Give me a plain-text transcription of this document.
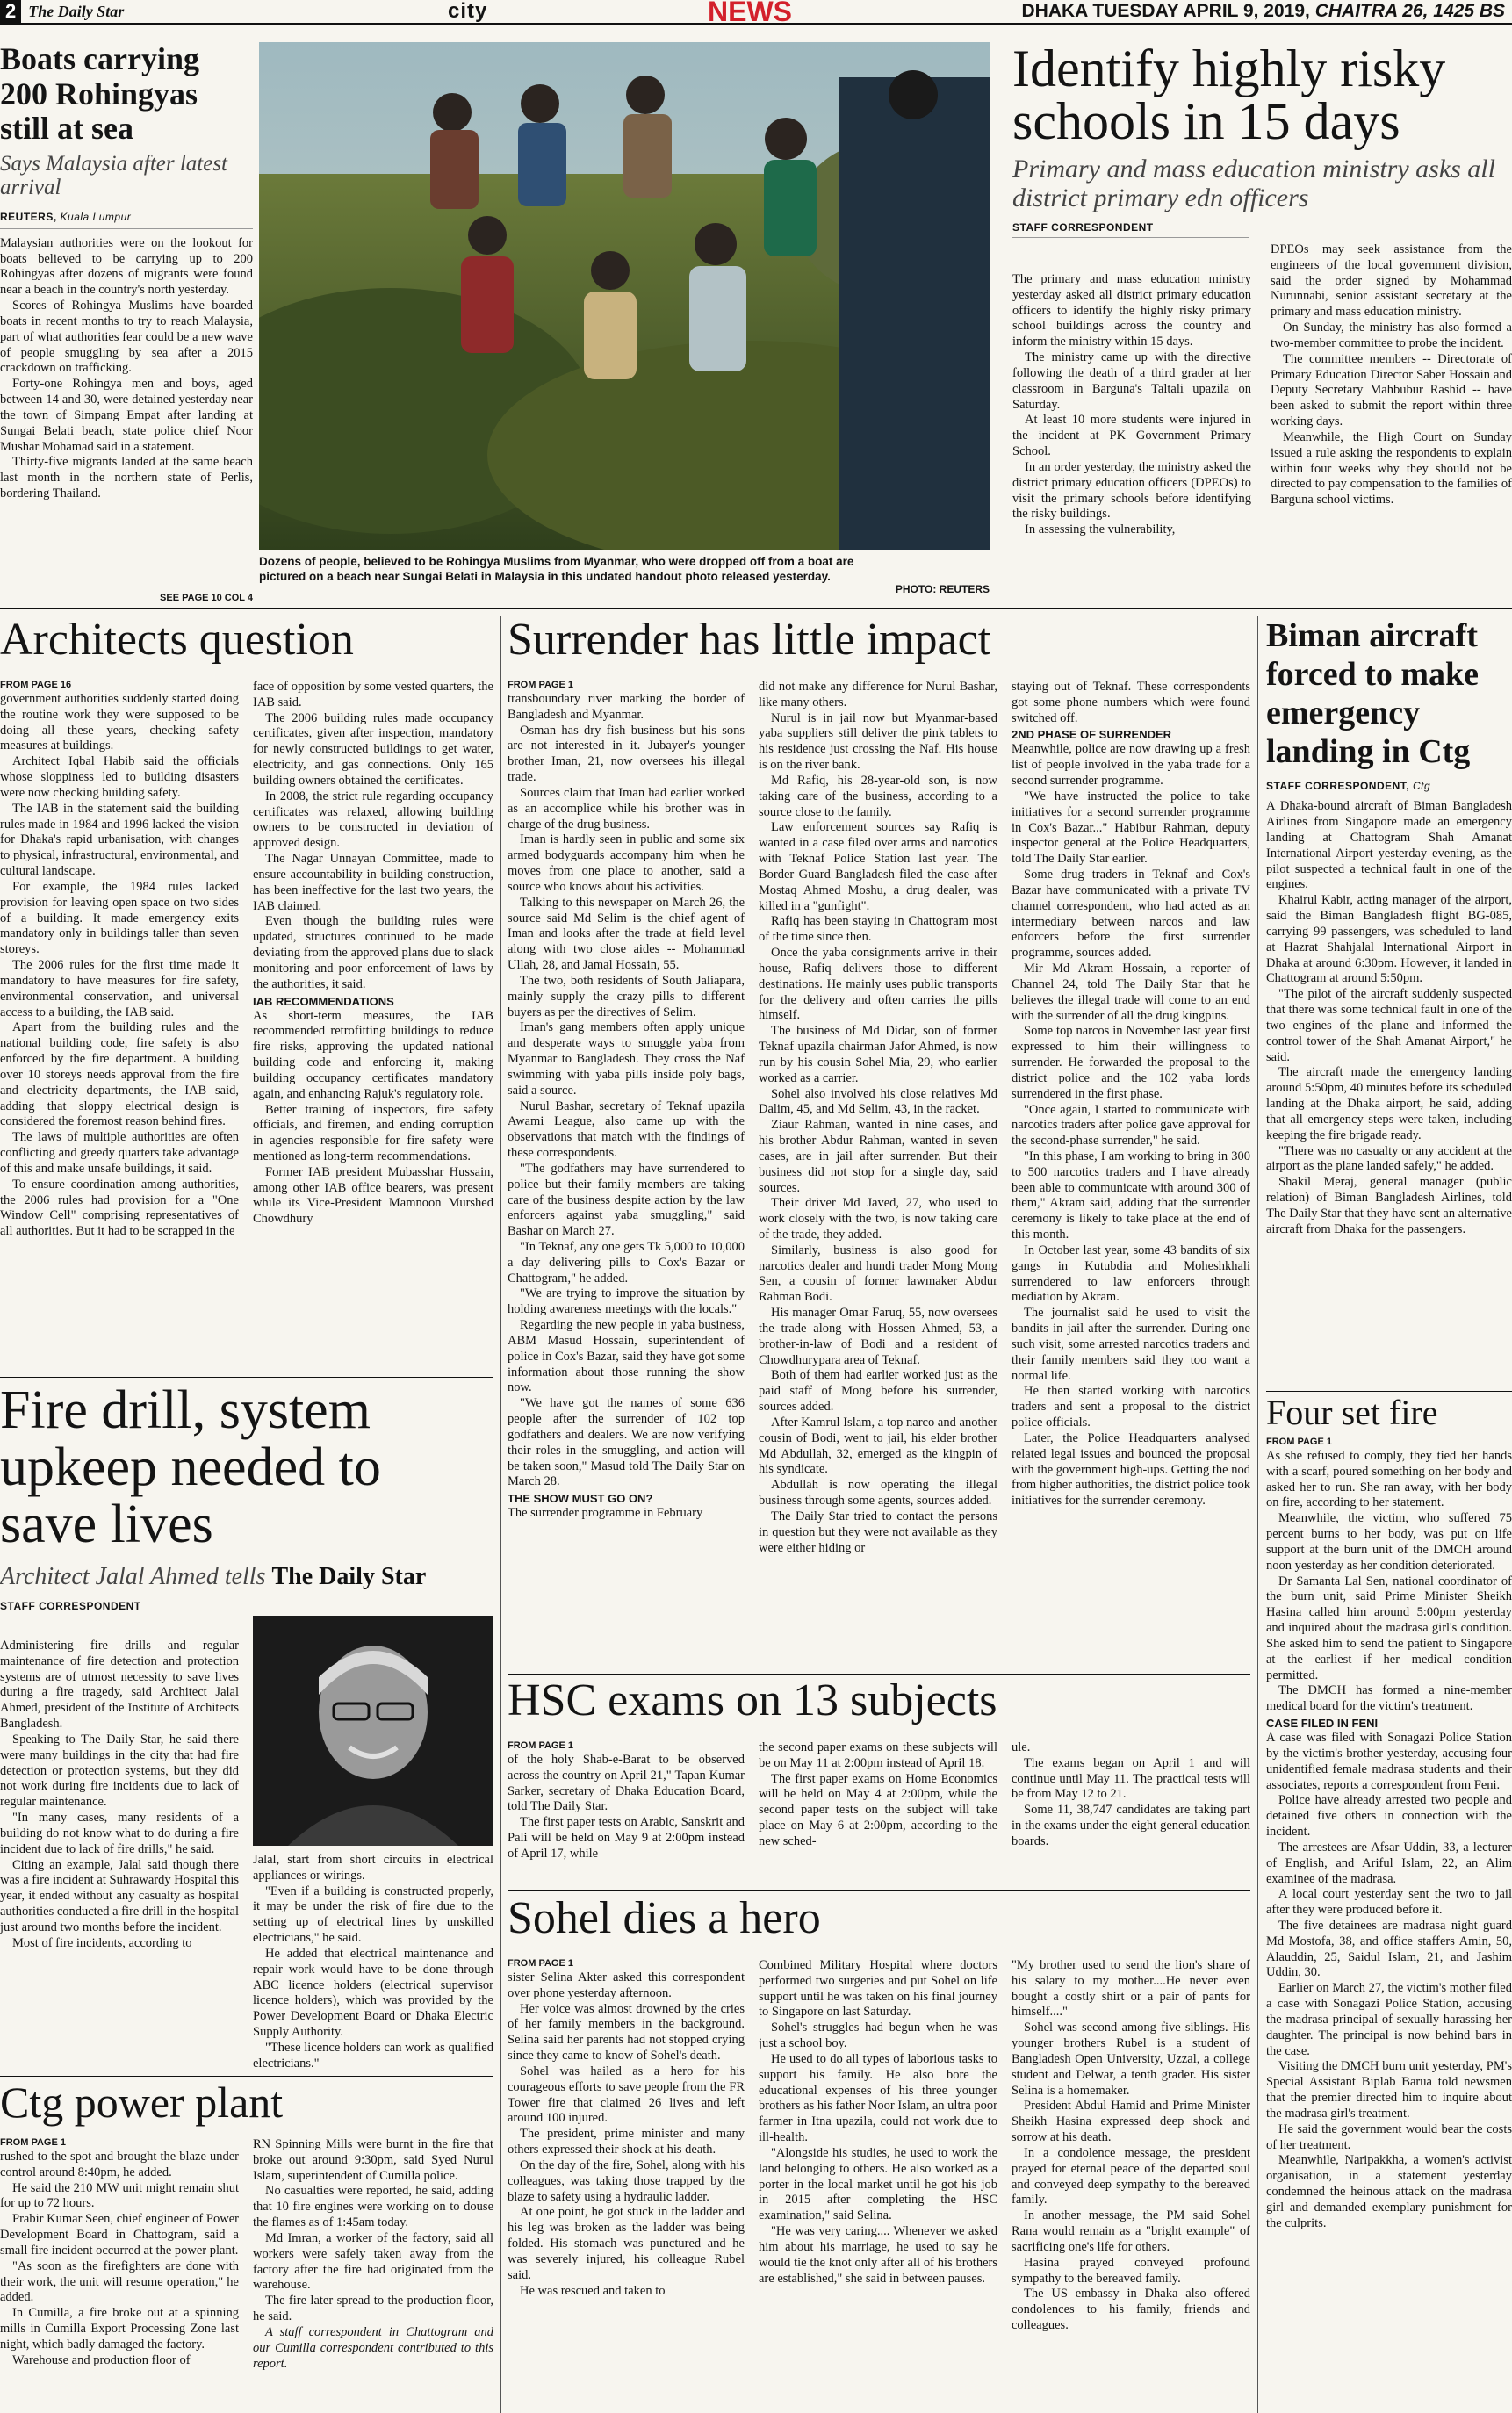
2 The Daily Star	city	NEWS	DHAKA TUESDAY APRIL 9, 2019, CHAITRA 26, 1425 BS
Boats carrying 200 Rohingyas still at sea
Says Malaysia after latest arrival
REUTERS, Kuala Lumpur

Malaysian authorities were on the lookout for boats believed to be carrying up to 200 Rohingyas after dozens of migrants were found near a beach in the country's north yesterday.

Scores of Rohingya Muslims have boarded boats in recent months to try to reach Malaysia, part of what authorities fear could be a new wave of people smuggling by sea after a 2015 crackdown on trafficking.

Forty-one Rohingya men and boys, aged between 14 and 30, were detained yesterday near the town of Simpang Empat after landing at Sungai Belati beach, state police chief Noor Mushar Mohamad said in a statement.

Thirty-five migrants landed at the same beach last month in the northern state of Perlis, bordering Thailand.

SEE PAGE 10 COL 4
Dozens of people, believed to be Rohingya Muslims from Myanmar, who were dropped off from a boat are pictured on a beach near Sungai Belati in Malaysia in this undated handout photo released yesterday.
PHOTO: REUTERS
Identify highly risky schools in 15 days
Primary and mass education ministry asks all district primary edn officers
STAFF CORRESPONDENT

The primary and mass education ministry yesterday asked all district primary education officers to identify the highly risky primary school buildings across the country and inform the ministry within 15 days.

The ministry came up with the directive following the death of a third grader at her classroom in Barguna's Taltali upazila on Saturday.

At least 10 more students were injured in the incident at PK Government Primary School.

In an order yesterday, the ministry asked the district primary education officers (DPEOs) to visit the primary schools before identifying the risky buildings.

In assessing the vulnerability,

DPEOs may seek assistance from the engineers of the local government division, said the order signed by Mohammad Nurunnabi, senior assistant secretary at the primary and mass education ministry.

On Sunday, the ministry has also formed a two-member committee to probe the incident.

The committee members -- Directorate of Primary Education Director Saber Hossain and Deputy Secretary Mahbubur Rashid -- have been asked to submit the report within three working days.

Meanwhile, the High Court on Sunday issued a rule asking the respondents to explain within four weeks why they should not be directed to pay compensation to the families of Barguna school victims.

Architects question
FROM PAGE 16

government authorities suddenly started doing the routine work they were supposed to be doing all these years, checking safety measures at buildings.

Architect Iqbal Habib said the officials whose sloppiness led to building disasters were now checking building safety.

The IAB in the statement said the building rules made in 1984 and 1996 lacked the vision for Dhaka's rapid urbanisation, with changes to physical, infrastructural, environmental, and cultural landscape.

For example, the 1984 rules lacked provision for leaving open space on two sides of a building. It made emergency exits mandatory only in buildings taller than seven storeys.

The 2006 rules for the first time made it mandatory to have measures for fire safety, environmental conservation, and universal access to a building, the IAB said.

Apart from the building rules and the national building code, fire safety is also enforced by the fire department. A building over 10 storeys needs approval from the fire and electricity departments, the IAB said, adding that sloppy electrical design is considered the foremost reason behind fires.

The laws of multiple authorities are often conflicting and greedy quarters take advantage of this and make unsafe buildings, it said.

To ensure coordination among authorities, the 2006 rules had provision for a "One Window Cell" comprising representatives of all authorities. But it had to be scrapped in the

face of opposition by some vested quarters, the IAB said.

The 2006 building rules made occupancy certificates, given after inspection, mandatory for newly constructed buildings to get water, electricity, and gas connections. Only 165 building owners obtained the certificates.

In 2008, the strict rule regarding occupancy certificates was relaxed, allowing building owners to be constructed in deviation of approved design.

The Nagar Unnayan Committee, made to ensure accountability in building construction, has been ineffective for the last two years, the IAB claimed.

Even though the building rules were updated, structures continued to be made deviating from the approved plans due to slack monitoring and poor enforcement of laws by the authorities, it said.

IAB RECOMMENDATIONS

As short-term measures, the IAB recommended retrofitting buildings to reduce fire risks, approving the updated national building code and enforcing it, making building occupancy certificates mandatory again, and enhancing Rajuk's regulatory role.

Better training of inspectors, fire safety officials, and firemen, and ending corruption in agencies responsible for fire safety were mentioned as long-term recommendations.

Former IAB president Mubasshar Hussain, among other IAB office bearers, was present while its Vice-President Mamnoon Murshed Chowdhury

Fire drill, system upkeep needed to save lives
Architect Jalal Ahmed tells The Daily Star
STAFF CORRESPONDENT

Administering fire drills and regular maintenance of fire detection and protection systems are of utmost necessity to save lives during a fire tragedy, said Architect Jalal Ahmed, president of the Institute of Architects Bangladesh.

Speaking to The Daily Star, he said there were many buildings in the city that had fire detection or protection systems, but they did not work during fire incidents due to lack of regular maintenance.

"In many cases, many residents of a building do not know what to do during a fire incident due to lack of fire drills," he said.

Citing an example, Jalal said though there was a fire incident at Suhrawardy Hospital this year, it ended without any casualty as hospital authorities conducted a fire drill in the hospital just around two months before the incident.

Most of fire incidents, according to

Jalal, start from short circuits in electrical appliances or wirings.

"Even if a building is constructed properly, it may be under the risk of fire due to the setting up of electrical lines by unskilled electricians," he said.

He added that electrical maintenance and repair work would have to be done through ABC licence holders (electrical supervisor licence holders), which was provided by the Power Development Board or Dhaka Electric Supply Authority.

"These licence holders can work as qualified electricians."

Ctg power plant
FROM PAGE 1

rushed to the spot and brought the blaze under control around 8:40pm, he added.

He said the 210 MW unit might remain shut for up to 72 hours.

Prabir Kumar Seen, chief engineer of Power Development Board in Chattogram, said a small fire incident occurred at the power plant.

"As soon as the firefighters are done with their work, the unit will resume operation," he added.

In Cumilla, a fire broke out at a spinning mills in Cumilla Export Processing Zone last night, which badly damaged the factory.

Warehouse and production floor of

RN Spinning Mills were burnt in the fire that broke out around 9:30pm, said Syed Nurul Islam, superintendent of Cumilla police.

No casualties were reported, he said, adding that 10 fire engines were working on to douse the flames as of 1:45am today.

Md Imran, a worker of the factory, said all workers were safely taken away from the factory after the fire had originated from the warehouse.

The fire later spread to the production floor, he said.

A staff correspondent in Chattogram and our Cumilla correspondent contributed to this report.

Surrender has little impact
FROM PAGE 1

transboundary river marking the border of Bangladesh and Myanmar.

Osman has dry fish business but his sons are not interested in it. Jubayer's younger brother Iman, 21, now oversees his illegal trade.

Sources claim that Iman had earlier worked as an accomplice while his brother was in charge of the drug business.

Iman is hardly seen in public and some six armed bodyguards accompany him when he moves from one place to another, said a source who knows about his activities.

Talking to this newspaper on March 26, the source said Md Selim is the chief agent of Iman and looks after the trade at field level along with two close aides -- Mohammad Ullah, 28, and Jamal Hossain, 55.

The two, both residents of South Jaliapara, mainly supply the crazy pills to different buyers as per the directives of Selim.

Iman's gang members often apply unique and desperate ways to smuggle yaba from Myanmar to Bangladesh. They cross the Naf swimming with yaba pills inside poly bags, said a source.

Nurul Bashar, secretary of Teknaf upazila Awami League, also came up with the observations that match with the findings of these correspondents.

"The godfathers may have surrendered to police but their family members are taking care of the business despite action by the law enforcers against yaba smuggling," said Bashar on March 27.

"In Teknaf, any one gets Tk 5,000 to 10,000 a day delivering pills to Cox's Bazar or Chattogram," he added.

"We are trying to improve the situation by holding awareness meetings with the locals."

Regarding the new people in yaba business, ABM Masud Hossain, superintendent of police in Cox's Bazar, said they have got some information about those running the show now.

"We have got the names of some 636 people after the surrender of 102 top godfathers and dealers. We are now verifying their roles in the smuggling, and action will be taken soon," Masud told The Daily Star on March 28.

THE SHOW MUST GO ON?

The surrender programme in February

did not make any difference for Nurul Bashar, like many others.

Nurul is in jail now but Myanmar-based yaba suppliers still deliver the pink tablets to his residence just crossing the Naf. His house is on the river bank.

Md Rafiq, his 28-year-old son, is now taking care of the business, according to a source close to the family.

Law enforcement sources say Rafiq is wanted in a case filed over arms and narcotics with Teknaf Police Station last year. The Border Guard Bangladesh filed the case after Mostaq Ahmed Moshu, a drug dealer, was killed in a "gunfight".

Rafiq has been staying in Chattogram most of the time since then.

Once the yaba consignments arrive in their house, Rafiq delivers those to different destinations. He mainly uses public transports for the delivery and often carries the pills himself.

The business of Md Didar, son of former Teknaf upazila chairman Jafor Ahmed, is now run by his cousin Sohel Mia, 29, who earlier worked as a carrier.

Sohel also involved his close relatives Md Dalim, 45, and Md Selim, 43, in the racket.

Ziaur Rahman, wanted in nine cases, and his brother Abdur Rahman, wanted in seven cases, are in jail after surrender. But their business did not stop for a single day, said sources.

Their driver Md Javed, 27, who used to work closely with the two, is now taking care of the trade, they added.

Similarly, business is also good for narcotics dealer and hundi trader Mong Mong Sen, a cousin of former lawmaker Abdur Rahman Bodi.

His manager Omar Faruq, 55, now oversees the trade along with Hossen Ahmed, 53, a brother-in-law of Bodi and a resident of Chowdhurypara area of Teknaf.

Both of them had earlier worked just as the paid staff of Mong before his surrender, sources added.

After Kamrul Islam, a top narco and another cousin of Bodi, went to jail, his elder brother Md Abdullah, 32, emerged as the kingpin of his syndicate.

Abdullah is now operating the illegal business through some agents, sources added.

The Daily Star tried to contact the persons in question but they were not available as they were either hiding or

staying out of Teknaf. These correspondents got some phone numbers which were found switched off.

2ND PHASE OF SURRENDER

Meanwhile, police are now drawing up a fresh list of people involved in the yaba trade for a second surrender programme.

"We have instructed the police to take initiatives for a second surrender programme in Cox's Bazar..." Habibur Rahman, deputy inspector general at the Police Headquarters, told The Daily Star earlier.

Some drug traders in Teknaf and Cox's Bazar have communicated with a private TV channel correspondent, who had acted as an intermediary between narcos and law enforcers before the first surrender programme, sources added.

Mir Md Akram Hossain, a reporter of Channel 24, told The Daily Star that he believes the illegal trade will come to an end with the surrender of all the drug kingpins.

Some top narcos in November last year first expressed to him their willingness to surrender. He forwarded the proposal to the district police and the 102 yaba lords surrendered in the first phase.

"Once again, I started to communicate with narcotics traders after police gave approval for the second-phase surrender," he said.

"In this phase, I am working to bring in 300 to 500 narcotics traders and I have already been able to communicate with around 300 of them," Akram said, adding that the surrender ceremony is likely to take place at the end of this month.

In October last year, some 43 bandits of six gangs in Kutubdia and Moheshkhali surrendered to law enforcers through mediation by Akram.

The journalist said he used to visit the bandits in jail after the surrender. During one such visit, some arrested narcotics traders and their family members said they too want a normal life.

He then started working with narcotics traders and sent a proposal to the district police officials.

Later, the Police Headquarters analysed related legal issues and bounced the proposal with the government high-ups. Getting the nod from higher authorities, the district police took initiatives for the surrender ceremony.

HSC exams on 13 subjects
FROM PAGE 1

of the holy Shab-e-Barat to be observed across the country on April 21," Tapan Kumar Sarker, secretary of Dhaka Education Board, told The Daily Star.

The first paper tests on Arabic, Sanskrit and Pali will be held on May 9 at 2:00pm instead of April 17, while

the second paper exams on these subjects will be on May 11 at 2:00pm instead of April 18.

The first paper exams on Home Economics will be held on May 4 at 2:00pm, while the second paper tests on the subject will take place on May 6 at 2:00pm, according to the new sched-

ule.

The exams began on April 1 and will continue until May 11. The practical tests will be from May 12 to 21.

Some 11, 38,747 candidates are taking part in the exams under the eight general education boards.

Sohel dies a hero
FROM PAGE 1

sister Selina Akter asked this correspondent over phone yesterday afternoon.

Her voice was almost drowned by the cries of her family members in the background. Selina said her parents had not stopped crying since they came to know of Sohel's death.

Sohel was hailed as a hero for his courageous efforts to save people from the FR Tower fire that claimed 26 lives and left around 100 injured.

The president, prime minister and many others expressed their shock at his death.

On the day of the fire, Sohel, along with his colleagues, was taking those trapped by the blaze to safety using a hydraulic ladder.

At one point, he got stuck in the ladder and his leg was broken as the ladder was being folded. His stomach was punctured and he was severely injured, his colleague Rubel said.

He was rescued and taken to

Combined Military Hospital where doctors performed two surgeries and put Sohel on life support until he was taken on his final journey to Singapore on last Saturday.

Sohel's struggles had begun when he was just a school boy.

He used to do all types of laborious tasks to support his family. He also bore the educational expenses of his three younger brothers as his father Noor Islam, an ultra poor farmer in Itna upazila, could not work due to ill-health.

"Alongside his studies, he used to work the land belonging to others. He also worked as a porter in the local market until he got his job in 2015 after completing the HSC examination," said Selina.

"He was very caring.... Whenever we asked him about his marriage, he used to say he would tie the knot only after all of his brothers are established," she said in between pauses.

"My brother used to send the lion's share of his salary to my mother....He never even bought a costly shirt or a pair of pants for himself...."

Sohel was second among five siblings. His younger brothers Rubel is a student of Bangladesh Open University, Uzzal, a college student and Delwar, a tenth grader. His sister Selina is a homemaker.

President Abdul Hamid and Prime Minister Sheikh Hasina expressed deep shock and sorrow at his death.

In a condolence message, the president prayed for eternal peace of the departed soul and conveyed deep sympathy to the bereaved family.

In another message, the PM said Sohel Rana would remain as a "bright example" of sacrificing one's life for others.

Hasina prayed conveyed profound sympathy to the bereaved family.

The US embassy in Dhaka also offered condolences to his family, friends and colleagues.

Biman aircraft forced to make emergency landing in Ctg
STAFF CORRESPONDENT, Ctg

A Dhaka-bound aircraft of Biman Bangladesh Airlines from Singapore made an emergency landing at Chattogram Shah Amanat International Airport yesterday evening, as the pilot suspected a technical fault in one of the engines.

Khairul Kabir, acting manager of the airport, said the Biman Bangladesh flight BG-085, carrying 99 passengers, was scheduled to land at Hazrat Shahjalal International Airport in Dhaka at around 6:30pm. However, it landed in Chattogram at around 5:50pm.

"The pilot of the aircraft suddenly suspected that there was some technical fault in one of the two engines of the plane and informed the control tower of the Shah Amanat Airport," he said.

The aircraft made the emergency landing around 5:50pm, 40 minutes before its scheduled landing at the Dhaka airport, he said, adding that all emergency steps were taken, including keeping the fire brigade ready.

"There was no casualty or any accident at the airport as the plane landed safely," he added.

Shakil Meraj, general manager (public relation) of Biman Bangladesh Airlines, told The Daily Star that they have sent an alternative aircraft from Dhaka for the passengers.

Four set fire
FROM PAGE 1

As she refused to comply, they tied her hands with a scarf, poured something on her body and asked her to run. She ran away, with her body on fire, according to her statement.

Meanwhile, the victim, who suffered 75 percent burns to her body, was put on life support at the burn unit of the DMCH around noon yesterday as her condition deteriorated.

Dr Samanta Lal Sen, national coordinator of the burn unit, said Prime Minister Sheikh Hasina called him around 5:00pm yesterday and inquired about the madrasa girl's condition. She asked him to send the patient to Singapore at the earliest if her medical condition permitted.

The DMCH has formed a nine-member medical board for the victim's treatment.

CASE FILED IN FENI

A case was filed with Sonagazi Police Station by the victim's brother yesterday, accusing four unidentified female madrasa students and their associates, reports a correspondent from Feni.

Police have already arrested two people and detained five others in connection with the incident.

The arrestees are Afsar Uddin, 33, a lecturer of English, and Ariful Islam, 22, an Alim examinee of the madrasa.

A local court yesterday sent the two to jail after they were produced before it.

The five detainees are madrasa night guard Md Mostofa, 38, and office staffers Amin, 50, Alauddin, 25, Saidul Islam, 21, and Jashim Uddin, 30.

Earlier on March 27, the victim's mother filed a case with Sonagazi Police Station, accusing the madrasa principal of sexually harassing her daughter. The principal is now behind bars in the case.

Visiting the DMCH burn unit yesterday, PM's Special Assistant Biplab Barua told newsmen that the premier directed him to inquire about the madrasa girl's treatment.

He said the government would bear the costs of her treatment.

Meanwhile, Naripakkha, a women's activist organisation, in a statement yesterday condemned the heinous attack on the madrasa girl and demanded exemplary punishment for the culprits.
